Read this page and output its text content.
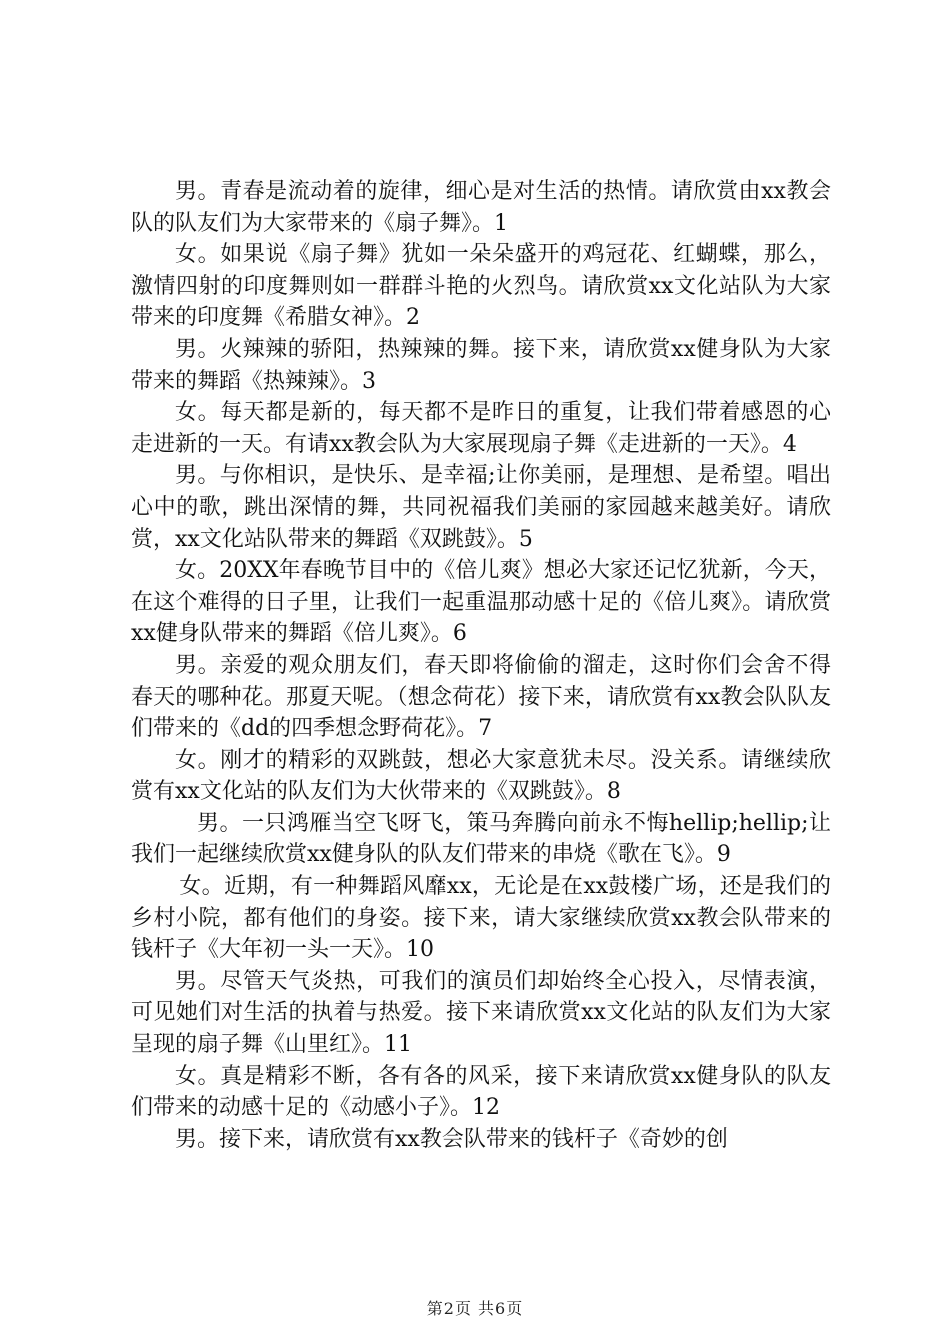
男。青春是流动着的旋律，细心是对生活的热情。请欣赏由xx教会队的队友们为大家带来的《扇子舞》。1

女。如果说《扇子舞》犹如一朵朵盛开的鸡冠花、红蝴蝶，那么，激情四射的印度舞则如一群群斗艳的火烈鸟。请欣赏xx文化站队为大家带来的印度舞《希腊女神》。2

男。火辣辣的骄阳，热辣辣的舞。接下来，请欣赏xx健身队为大家带来的舞蹈《热辣辣》。3

女。每天都是新的，每天都不是昨日的重复，让我们带着感恩的心走进新的一天。有请xx教会队为大家展现扇子舞《走进新的一天》。4

男。与你相识，是快乐、是幸福;让你美丽，是理想、是希望。唱出心中的歌，跳出深情的舞，共同祝福我们美丽的家园越来越美好。请欣赏，xx文化站队带来的舞蹈《双跳鼓》。5

女。20XX年春晚节目中的《倍儿爽》想必大家还记忆犹新，今天，在这个难得的日子里，让我们一起重温那动感十足的《倍儿爽》。请欣赏xx健身队带来的舞蹈《倍儿爽》。6

男。亲爱的观众朋友们，春天即将偷偷的溜走，这时你们会舍不得春天的哪种花。那夏天呢。（想念荷花）接下来，请欣赏有xx教会队队友们带来的《dd的四季想念野荷花》。7

女。刚才的精彩的双跳鼓，想必大家意犹未尽。没关系。请继续欣赏有xx文化站的队友们为大伙带来的《双跳鼓》。8

男。一只鸿雁当空飞呀飞，策马奔腾向前永不悔hellip;hellip;让我们一起继续欣赏xx健身队的队友们带来的串烧《歌在飞》。9

女。近期，有一种舞蹈风靡xx，无论是在xx鼓楼广场，还是我们的乡村小院，都有他们的身姿。接下来，请大家继续欣赏xx教会队带来的钱杆子《大年初一头一天》。10

男。尽管天气炎热，可我们的演员们却始终全心投入，尽情表演，可见她们对生活的执着与热爱。接下来请欣赏xx文化站的队友们为大家呈现的扇子舞《山里红》。11

女。真是精彩不断，各有各的风采，接下来请欣赏xx健身队的队友们带来的动感十足的《动感小子》。12

男。接下来，请欣赏有xx教会队带来的钱杆子《奇妙的创

第2页 共6页
